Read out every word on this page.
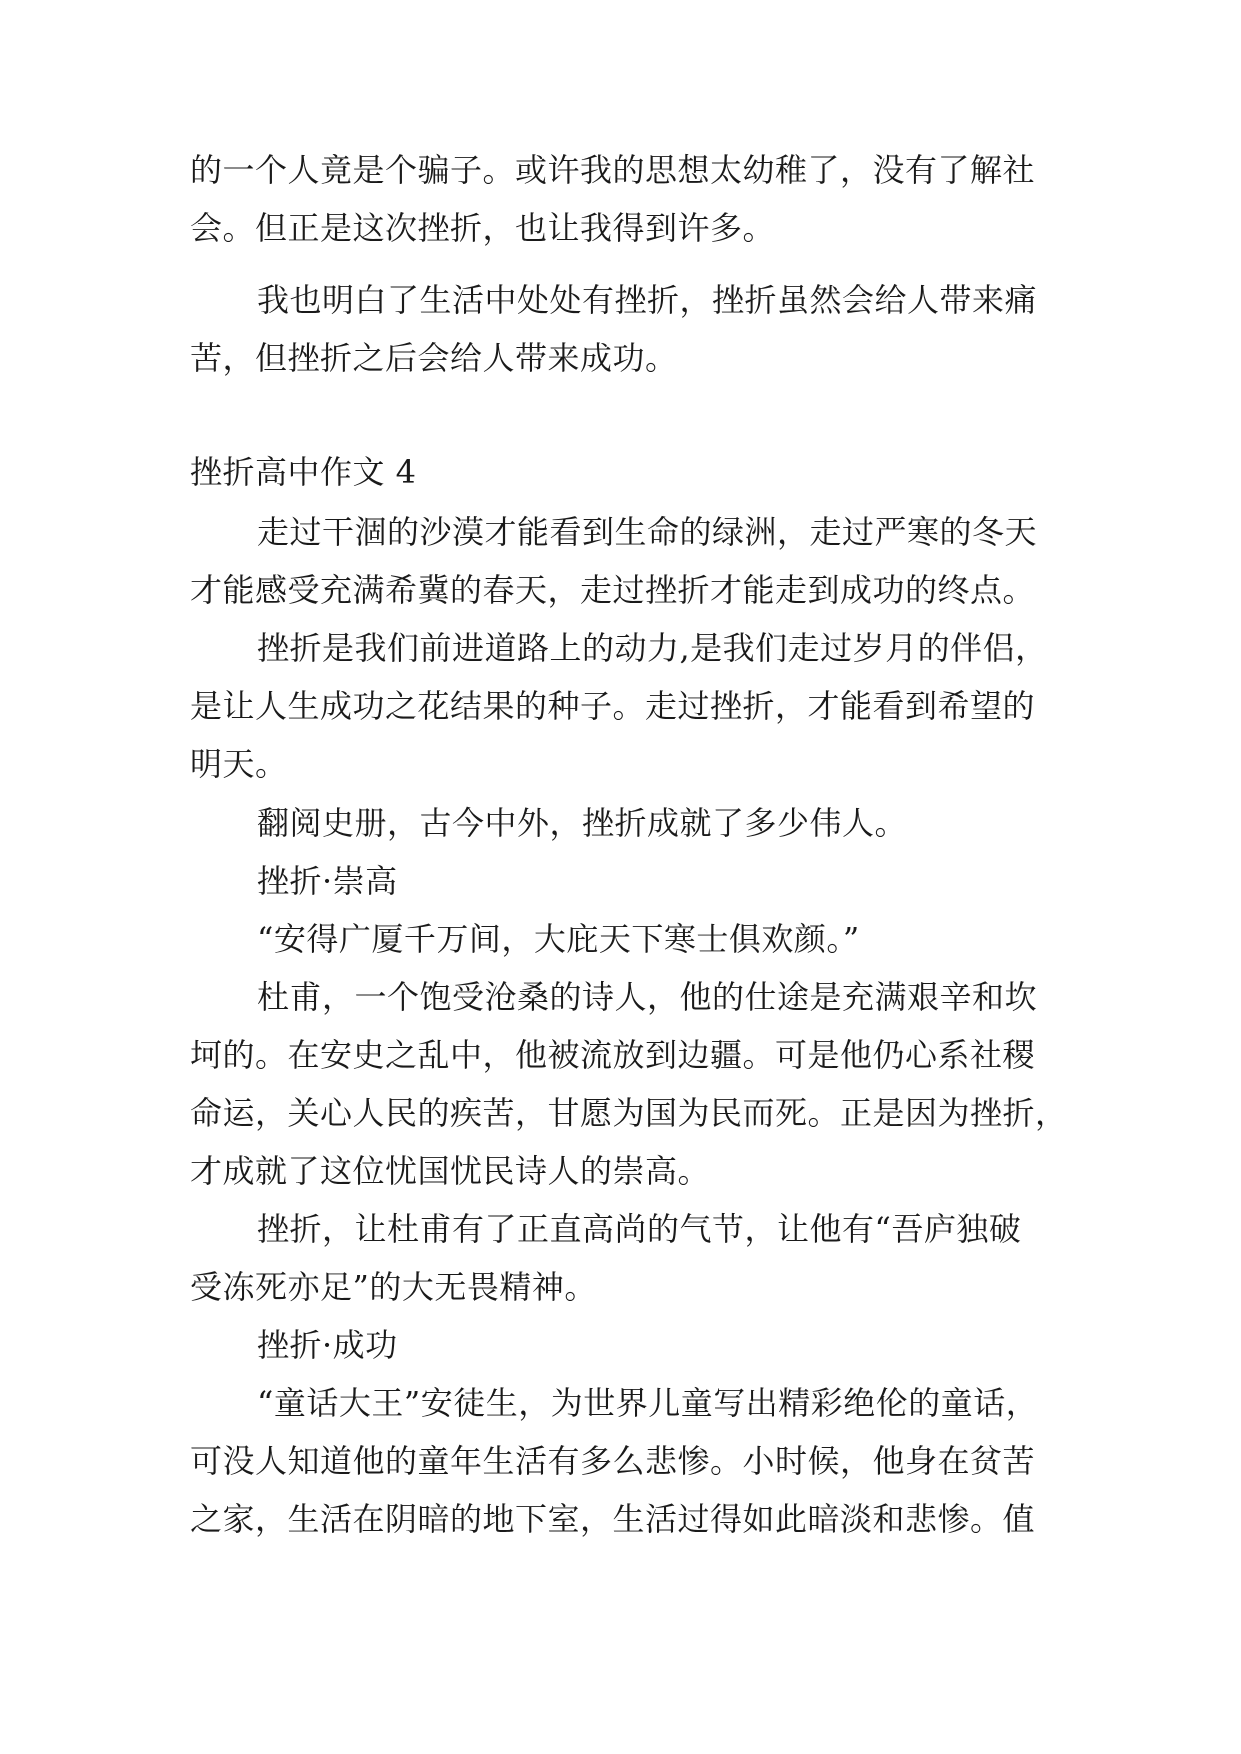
的一个人竟是个骗子。或许我的思想太幼稚了，没有了解社
会。但正是这次挫折，也让我得到许多。
我也明白了生活中处处有挫折，挫折虽然会给人带来痛
苦，但挫折之后会给人带来成功。
挫折高中作文 4
走过干涸的沙漠才能看到生命的绿洲，走过严寒的冬天
才能感受充满希冀的春天，走过挫折才能走到成功的终点。
挫折是我们前进道路上的动力,是我们走过岁月的伴侣，
是让人生成功之花结果的种子。走过挫折，才能看到希望的
明天。
翻阅史册，古今中外，挫折成就了多少伟人。
挫折·崇高
“安得广厦千万间，大庇天下寒士俱欢颜。”
杜甫，一个饱受沧桑的诗人，他的仕途是充满艰辛和坎
坷的。在安史之乱中，他被流放到边疆。可是他仍心系社稷
命运，关心人民的疾苦，甘愿为国为民而死。正是因为挫折，
才成就了这位忧国忧民诗人的崇高。
挫折，让杜甫有了正直高尚的气节，让他有“吾庐独破
受冻死亦足”的大无畏精神。
挫折·成功
“童话大王”安徒生，为世界儿童写出精彩绝伦的童话，
可没人知道他的童年生活有多么悲惨。小时候，他身在贫苦
之家，生活在阴暗的地下室，生活过得如此暗淡和悲惨。值
